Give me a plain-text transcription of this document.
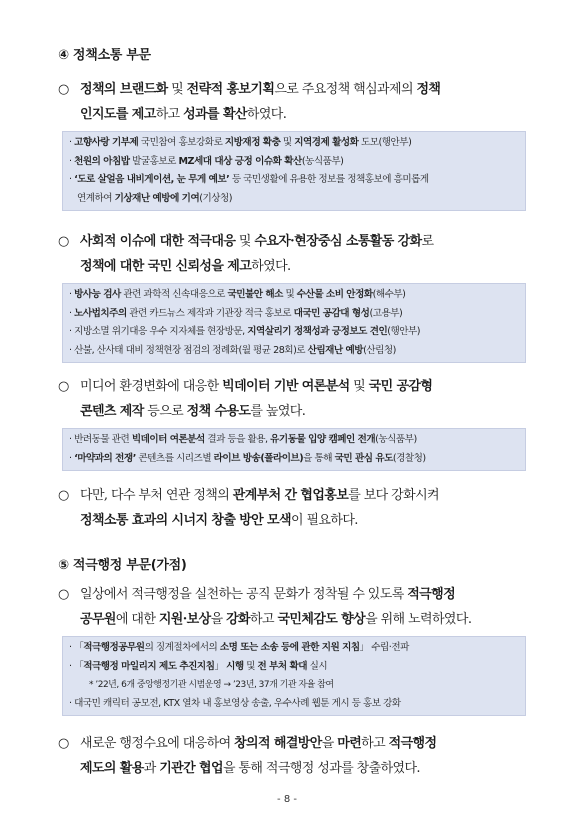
④ 정책소통 부문
○ 정책의 브랜드화 및 전략적 홍보기획으로 주요정책 핵심과제의 정책
인지도를 제고하고 성과를 확산하였다.
· 고향사랑 기부제 국민참여 홍보강화로 지방재정 확충 및 지역경제 활성화 도모(행안부)
· 천원의 아침밥 발굴홍보로 MZ세대 대상 긍정 이슈화 확산(농식품부)
· ‘도로 살얼음 내비게이션, 눈 무게 예보’ 등 국민생활에 유용한 정보를 정책홍보에 흥미롭게
연계하여 기상재난 예방에 기여(기상청)
○ 사회적 이슈에 대한 적극대응 및 수요자·현장중심 소통활동 강화로
정책에 대한 국민 신뢰성을 제고하였다.
· 방사능 검사 관련 과학적 신속대응으로 국민불안 해소 및 수산물 소비 안정화(해수부)
· 노사법치주의 관련 카드뉴스 제작과 기관장 적극 홍보로 대국민 공감대 형성(고용부)
· 지방소멸 위기대응 우수 지자체를 현장방문, 지역살리기 정책성과 긍정보도 견인(행안부)
· 산불, 산사태 대비 정책현장 점검의 정례화(월 평균 28회)로 산림재난 예방(산림청)
○ 미디어 환경변화에 대응한 빅데이터 기반 여론분석 및 국민 공감형
콘텐츠 제작 등으로 정책 수용도를 높였다.
· 반려동물 관련 빅데이터 여론분석 결과 등을 활용, 유기동물 입양 캠페인 전개(농식품부)
· ‘마약과의 전쟁’ 콘텐츠를 시리즈별 라이브 방송(폴라이브)을 통해 국민 관심 유도(경찰청)
○ 다만, 다수 부처 연관 정책의 관계부처 간 협업홍보를 보다 강화시켜
정책소통 효과의 시너지 창출 방안 모색이 필요하다.
⑤ 적극행정 부문(가점)
○ 일상에서 적극행정을 실천하는 공직 문화가 정착될 수 있도록 적극행정
공무원에 대한 지원·보상을 강화하고 국민체감도 향상을 위해 노력하였다.
· 「적극행정공무원의 징계절차에서의 소명 또는 소송 등에 관한 지원 지침」 수립·전파
· 「적극행정 마일리지 제도 추진지침」 시행 및 전 부처 확대 실시
* ’22년, 6개 중앙행정기관 시범운영 → ’23년, 37개 기관 자율 참여
· 대국민 캐릭터 공모전, KTX 열차 내 홍보영상 송출, 우수사례 웹툰 게시 등 홍보 강화
○ 새로운 행정수요에 대응하여 창의적 해결방안을 마련하고 적극행정
제도의 활용과 기관간 협업을 통해 적극행정 성과를 창출하였다.
- 8 -
